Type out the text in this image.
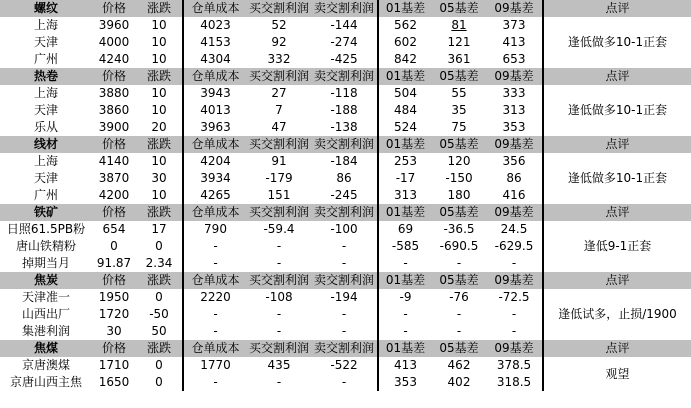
螺纹	价格	涨跌	仓单成本	买交割利润	卖交割利润	01基差	05基差	09基差	点评
上海	3960	10	4023	52	-144	562	81	373	逢低做多10-1正套
天津	4000	10	4153	92	-274	602	121	413	
广州	4240	10	4304	332	-425	842	361	653	
热卷	价格	涨跌	仓单成本	买交割利润	卖交割利润	01基差	05基差	09基差	点评
上海	3880	10	3943	27	-118	504	55	333	逢低做多10-1正套
天津	3860	10	4013	7	-188	484	35	313	
乐从	3900	20	3963	47	-138	524	75	353	
线材	价格	涨跌	仓单成本	买交割利润	卖交割利润	01基差	05基差	09基差	点评
上海	4140	10	4204	91	-184	253	120	356	逢低做多10-1正套
天津	3870	30	3934	-179	86	-17	-150	86	
广州	4200	10	4265	151	-245	313	180	416	
铁矿	价格	涨跌	仓单成本	买交割利润	卖交割利润	01基差	05基差	09基差	点评
日照61.5PB粉	654	17	790	-59.4	-100	69	-36.5	24.5	逢低9-1正套
唐山铁精粉	0	0	-	-	-	-585	-690.5	-629.5	
掉期当月	91.87	2.34	-	-	-	-	-	-	
焦炭	价格	涨跌	仓单成本	买交割利润	卖交割利润	01基差	05基差	09基差	点评
天津准一	1950	0	2220	-108	-194	-9	-76	-72.5	逢低试多，止损/1900
山西出厂	1720	-50	-	-	-	-	-	-	
集港利润	30	50	-	-	-	-	-	-	
焦煤	价格	涨跌	仓单成本	买交割利润	卖交割利润	01基差	05基差	09基差	点评
京唐澳煤	1710	0	1770	435	-522	413	462	378.5	观望
京唐山西主焦	1650	0	-	-	-	353	402	318.5	
